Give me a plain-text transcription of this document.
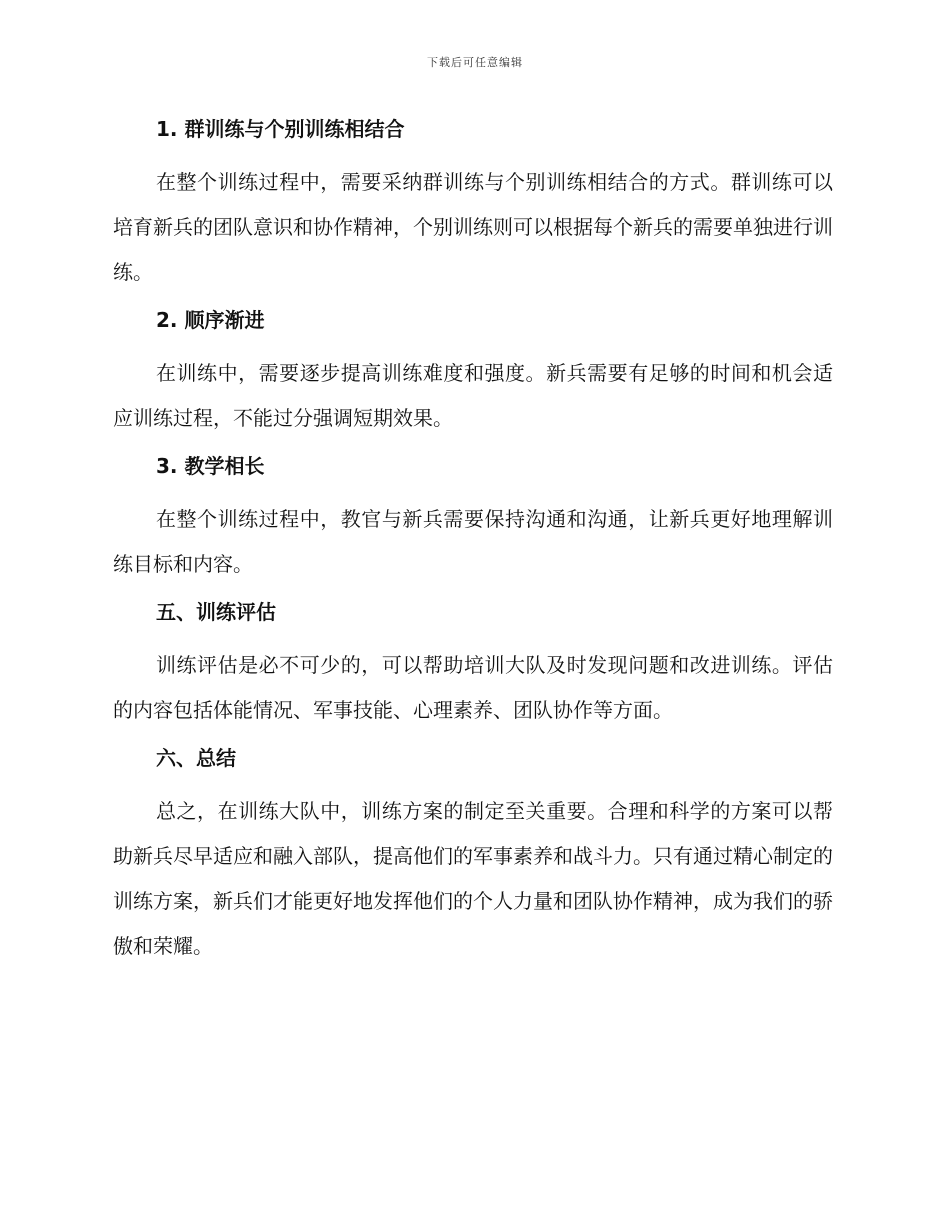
下载后可任意编辑
1. 群训练与个别训练相结合

在整个训练过程中，需要采纳群训练与个别训练相结合的方式。群训练可以培育新兵的团队意识和协作精神，个别训练则可以根据每个新兵的需要单独进行训练。

2. 顺序渐进

在训练中，需要逐步提高训练难度和强度。新兵需要有足够的时间和机会适应训练过程，不能过分强调短期效果。

3. 教学相长

在整个训练过程中，教官与新兵需要保持沟通和沟通，让新兵更好地理解训练目标和内容。

五、训练评估

训练评估是必不可少的，可以帮助培训大队及时发现问题和改进训练。评估的内容包括体能情况、军事技能、心理素养、团队协作等方面。

六、总结

总之，在训练大队中，训练方案的制定至关重要。合理和科学的方案可以帮助新兵尽早适应和融入部队，提高他们的军事素养和战斗力。只有通过精心制定的训练方案，新兵们才能更好地发挥他们的个人力量和团队协作精神，成为我们的骄傲和荣耀。
